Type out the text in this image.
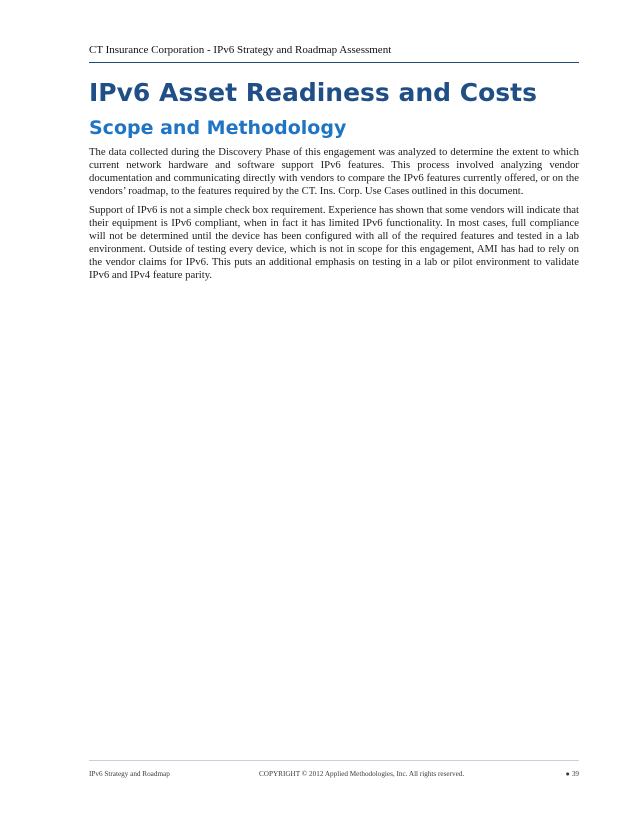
CT Insurance Corporation - IPv6 Strategy and Roadmap Assessment
IPv6 Asset Readiness and Costs
Scope and Methodology

The data collected during the Discovery Phase of this engagement was analyzed to determine the extent to which current network hardware and software support IPv6 features. This process involved analyzing vendor documentation and communicating directly with vendors to compare the IPv6 features currently offered, or on the vendors’ roadmap, to the features required by the CT. Ins. Corp. Use Cases outlined in this document.

Support of IPv6 is not a simple check box requirement. Experience has shown that some vendors will indicate that their equipment is IPv6 compliant, when in fact it has limited IPv6 functionality. In most cases, full compliance will not be determined until the device has been configured with all of the required features and tested in a lab environment. Outside of testing every device, which is not in scope for this engagement, AMI has had to rely on the vendor claims for IPv6. This puts an additional emphasis on testing in a lab or pilot environment to validate IPv6 and IPv4 feature parity.

IPv6 Strategy and Roadmap	COPYRIGHT © 2012 Applied Methodologies, Inc. All rights reserved.	● 39
